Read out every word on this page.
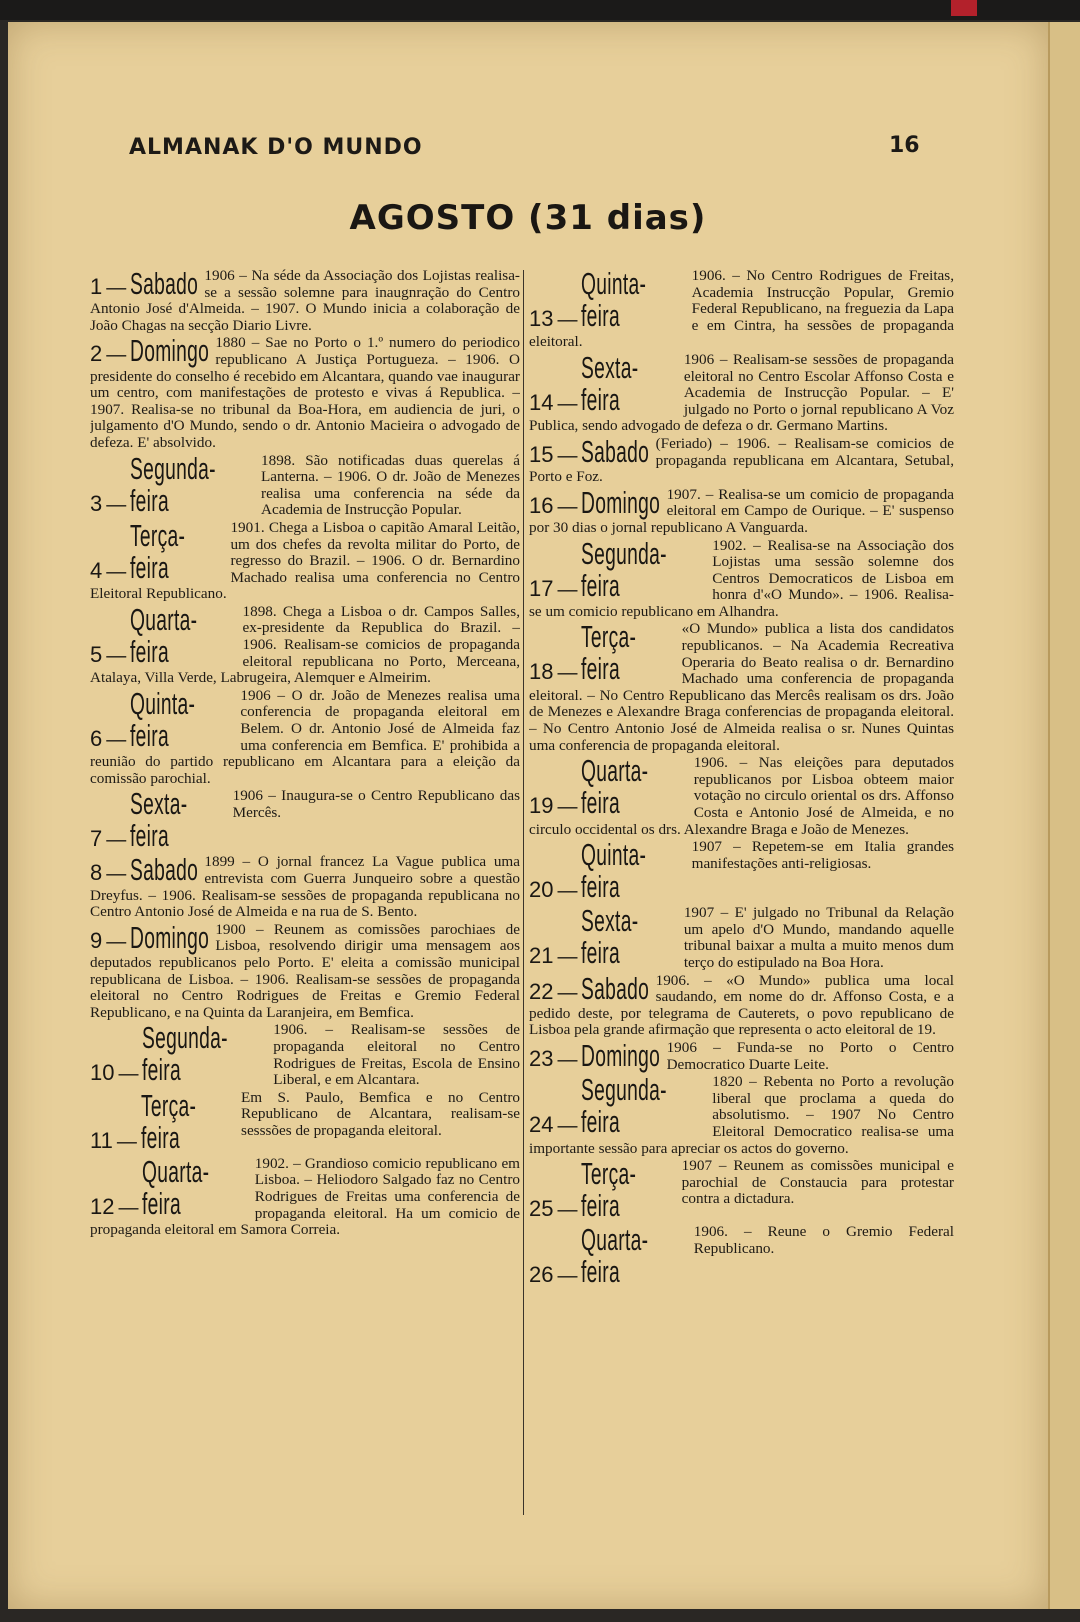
ALMANAK D'O MUNDO	16
AGOSTO (31 dias)
1 — Sabado 1906 – Na séde da Associação dos Lojistas realisa-se a sessão solemne para inaugnração do Centro Antonio José d'Almeida. – 1907. O Mundo inicia a colaboração de João Chagas na secção Diario Livre.
2 — Domingo 1880 – Sae no Porto o 1.º numero do periodico republicano A Justiça Portugueza. – 1906. O presidente do conselho é recebido em Alcantara, quando vae inaugurar um centro, com manifestações de protesto e vivas á Republica. – 1907. Realisa-se no tribunal da Boa-Hora, em audiencia de juri, o julgamento d'O Mundo, sendo o dr. Antonio Macieira o advogado de defeza. E' absolvido.
3 —
Segunda-feira
1898. São notificadas duas querelas á Lanterna. – 1906. O dr. João de Menezes realisa uma conferencia na séde da Academia de Instrucção Popular.
4 —
Terça-feira
1901. Chega a Lisboa o capitão Amaral Leitão, um dos chefes da revolta militar do Porto, de regresso do Brazil. – 1906. O dr. Bernardino Machado realisa uma conferencia no Centro Eleitoral Republicano.
5 —
Quarta-feira
1898. Chega a Lisboa o dr. Campos Salles, ex-presidente da Republica do Brazil. – 1906. Realisam-se comicios de propaganda eleitoral republicana no Porto, Merceana, Atalaya, Villa Verde, Labrugeira, Alemquer e Almeirim.
6 —
Quinta-feira
1906 – O dr. João de Menezes realisa uma conferencia de propaganda eleitoral em Belem. O dr. Antonio José de Almeida faz uma conferencia em Bemfica. E' prohibida a reunião do partido republicano em Alcantara para a eleição da comissão parochial.
7 —
Sexta-feira
1906 – Inaugura-se o Centro Republicano das Mercês.
8 — Sabado 1899 – O jornal francez La Vague publica uma entrevista com Guerra Junqueiro sobre a questão Dreyfus. – 1906. Realisam-se sessões de propaganda republicana no Centro Antonio José de Almeida e na rua de S. Bento.
9 — Domingo 1900 – Reunem as comissões parochiaes de Lisboa, resolvendo dirigir uma mensagem aos deputados republicanos pelo Porto. E' eleita a comissão municipal republicana de Lisboa. – 1906. Realisam-se sessões de propaganda eleitoral no Centro Rodrigues de Freitas e Gremio Federal Republicano, e na Quinta da Laranjeira, em Bemfica.
10 —
Segunda-feira
1906. – Realisam-se sessões de propaganda eleitoral no Centro Rodrigues de Freitas, Escola de Ensino Liberal, e em Alcantara.
11 —
Terça-feira
Em S. Paulo, Bemfica e no Centro Republicano de Alcantara, realisam-se sesssões de propaganda eleitoral.
12 —
Quarta-feira
1902. – Grandioso comicio republicano em Lisboa. – Heliodoro Salgado faz no Centro Rodrigues de Freitas uma conferencia de propaganda eleitoral. Ha um comicio de propaganda eleitoral em Samora Correia.
13 —
Quinta-feira
1906. – No Centro Rodrigues de Freitas, Academia Instrucção Popular, Gremio Federal Republicano, na freguezia da Lapa e em Cintra, ha sessões de propaganda eleitoral.
14 —
Sexta-feira
1906 – Realisam-se sessões de propaganda eleitoral no Centro Escolar Affonso Costa e Academia de Instrucção Popular. – E' julgado no Porto o jornal republicano A Voz Publica, sendo advogado de defeza o dr. Germano Martins.
15 — Sabado (Feriado) – 1906. – Realisam-se comicios de propaganda republicana em Alcantara, Setubal, Porto e Foz.
16 — Domingo 1907. – Realisa-se um comicio de propaganda eleitoral em Campo de Ourique. – E' suspenso por 30 dias o jornal republicano A Vanguarda.
17 —
Segunda-feira
1902. – Realisa-se na Associação dos Lojistas uma sessão solemne dos Centros Democraticos de Lisboa em honra d'«O Mundo». – 1906. Realisa-se um comicio republicano em Alhandra.
18 —
Terça-feira
«O Mundo» publica a lista dos candidatos republicanos. – Na Academia Recreativa Operaria do Beato realisa o dr. Bernardino Machado uma conferencia de propaganda eleitoral. – No Centro Republicano das Mercês realisam os drs. João de Menezes e Alexandre Braga conferencias de propaganda eleitoral. – No Centro Antonio José de Almeida realisa o sr. Nunes Quintas uma conferencia de propaganda eleitoral.
19 —
Quarta-feira
1906. – Nas eleições para deputados republicanos por Lisboa obteem maior votação no circulo oriental os drs. Affonso Costa e Antonio José de Almeida, e no circulo occidental os drs. Alexandre Braga e João de Menezes.
20 —
Quinta-feira
1907 – Repetem-se em Italia grandes manifestações anti-religiosas.
21 —
Sexta-feira
1907 – E' julgado no Tribunal da Relação um apelo d'O Mundo, mandando aquelle tribunal baixar a multa a muito menos dum terço do estipulado na Boa Hora.
22 — Sabado 1906. – «O Mundo» publica uma local saudando, em nome do dr. Affonso Costa, e a pedido deste, por telegrama de Cauterets, o povo republicano de Lisboa pela grande afirmação que representa o acto eleitoral de 19.
23 — Domingo 1906 – Funda-se no Porto o Centro Democratico Duarte Leite.
24 —
Segunda-feira
1820 – Rebenta no Porto a revolução liberal que proclama a queda do absolutismo. – 1907 No Centro Eleitoral Democratico realisa-se uma importante sessão para apreciar os actos do governo.
25 —
Terça-feira
1907 – Reunem as comissões municipal e parochial de Constaucia para protestar contra a dictadura.
26 —
Quarta-feira
1906. – Reune o Gremio Federal Republicano.
